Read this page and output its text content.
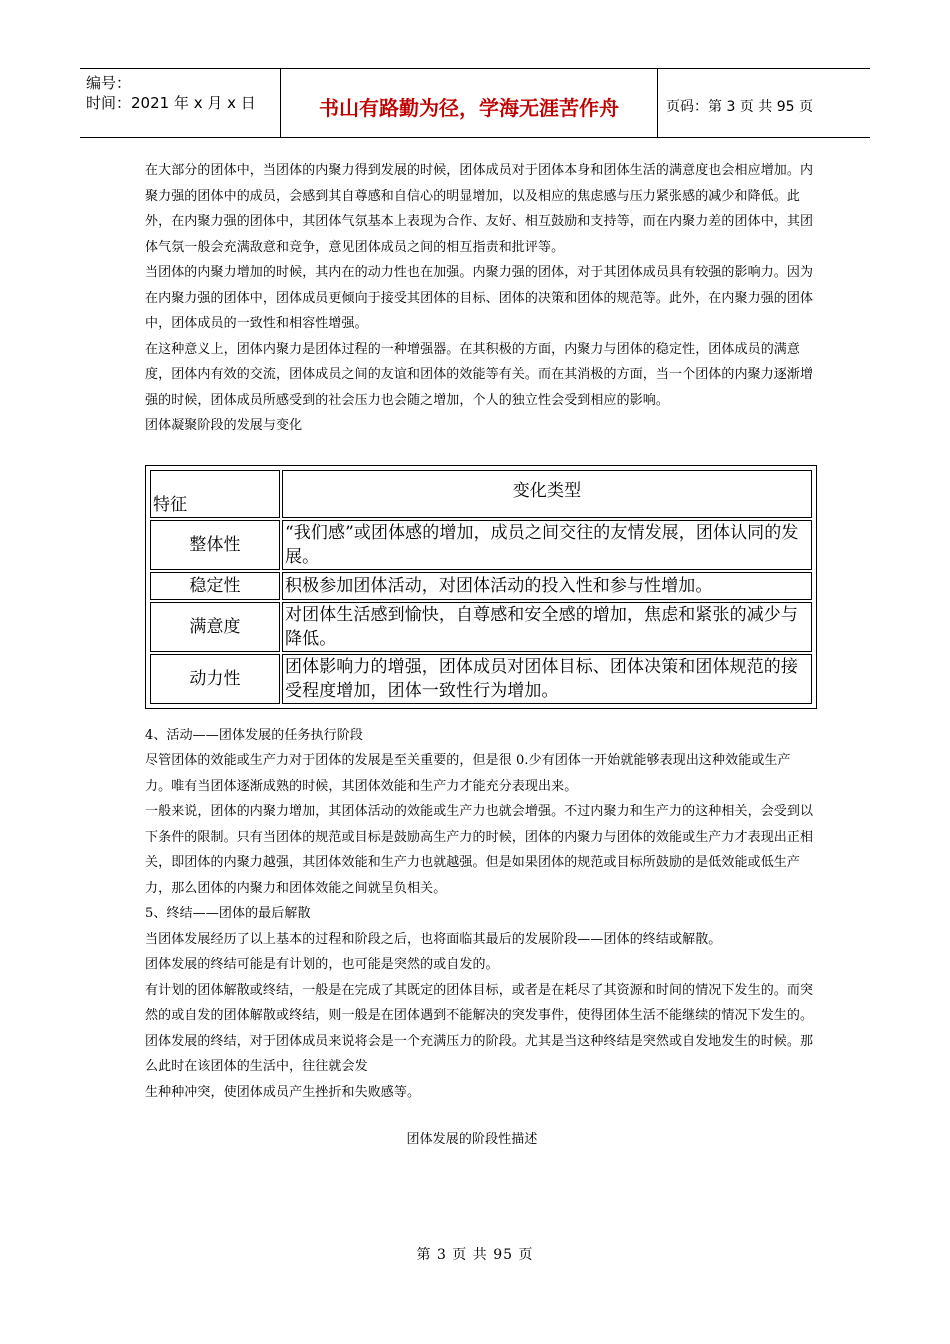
编号：
时间：2021 年 x 月 x 日	书山有路勤为径，学海无涯苦作舟	页码：第 3 页 共 95 页

在大部分的团体中，当团体的内聚力得到发展的时候，团体成员对于团体本身和团体生活的满意度也会相应增加。内聚力强的团体中的成员，会感到其自尊感和自信心的明显增加，以及相应的焦虑感与压力紧张感的减少和降低。此外，在内聚力强的团体中，其团体气氛基本上表现为合作、友好、相互鼓励和支持等，而在内聚力差的团体中，其团体气氛一般会充满敌意和竞争，意见团体成员之间的相互指责和批评等。

当团体的内聚力增加的时候，其内在的动力性也在加强。内聚力强的团体，对于其团体成员具有较强的影响力。因为在内聚力强的团体中，团体成员更倾向于接受其团体的目标、团体的决策和团体的规范等。此外，在内聚力强的团体中，团体成员的一致性和相容性增强。

在这种意义上，团体内聚力是团体过程的一种增强器。在其积极的方面，内聚力与团体的稳定性，团体成员的满意度，团体内有效的交流，团体成员之间的友谊和团体的效能等有关。而在其消极的方面，当一个团体的内聚力逐渐增强的时候，团体成员所感受到的社会压力也会随之增加，个人的独立性会受到相应的影响。

团体凝聚阶段的发展与变化

特征	变化类型
整体性	“我们感”或团体感的增加，成员之间交往的友情发展，团体认同的发展。
稳定性	积极参加团体活动，对团体活动的投入性和参与性增加。
满意度	对团体生活感到愉快，自尊感和安全感的增加，焦虑和紧张的减少与降低。
动力性	团体影响力的增强，团体成员对团体目标、团体决策和团体规范的接受程度增加，团体一致性行为增加。

4、活动——团体发展的任务执行阶段

尽管团体的效能或生产力对于团体的发展是至关重要的，但是很 0.少有团体一开始就能够表现出这种效能或生产力。唯有当团体逐渐成熟的时候，其团体效能和生产力才能充分表现出来。

一般来说，团体的内聚力增加，其团体活动的效能或生产力也就会增强。不过内聚力和生产力的这种相关，会受到以下条件的限制。只有当团体的规范或目标是鼓励高生产力的时候，团体的内聚力与团体的效能或生产力才表现出正相关，即团体的内聚力越强，其团体效能和生产力也就越强。但是如果团体的规范或目标所鼓励的是低效能或低生产力，那么团体的内聚力和团体效能之间就呈负相关。

5、终结——团体的最后解散

当团体发展经历了以上基本的过程和阶段之后，也将面临其最后的发展阶段——团体的终结或解散。

团体发展的终结可能是有计划的，也可能是突然的或自发的。

有计划的团体解散或终结，一般是在完成了其既定的团体目标，或者是在耗尽了其资源和时间的情况下发生的。而突然的或自发的团体解散或终结，则一般是在团体遇到不能解决的突发事件，使得团体生活不能继续的情况下发生的。

团体发展的终结，对于团体成员来说将会是一个充满压力的阶段。尤其是当这种终结是突然或自发地发生的时候。那么此时在该团体的生活中，往往就会发

生种种冲突，使团体成员产生挫折和失败感等。

团体发展的阶段性描述

第 3 页 共 95 页
